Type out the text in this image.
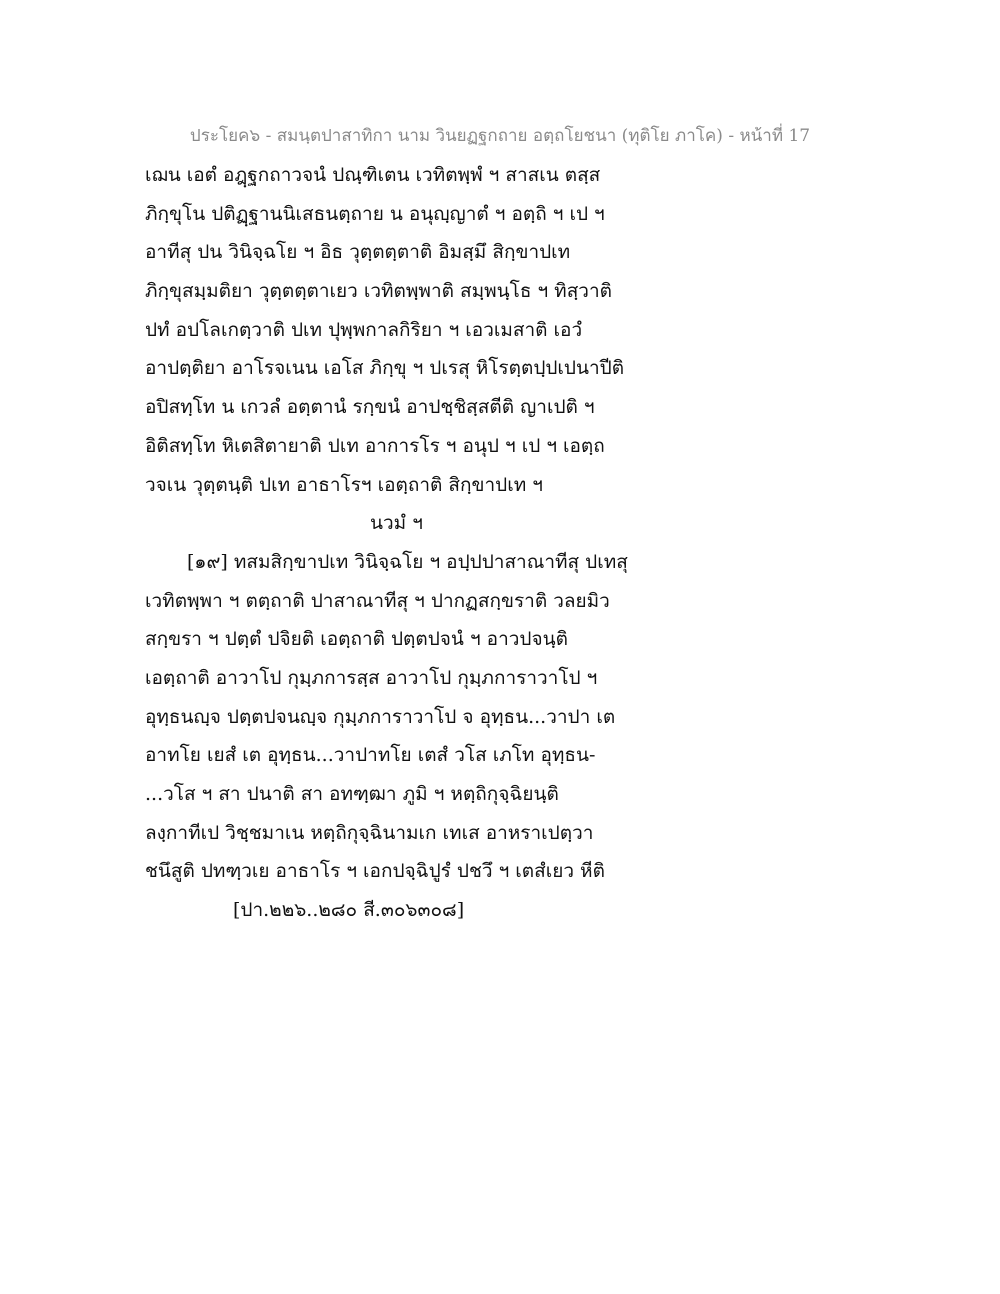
ประโยค๖ - สมนฺตปาสาทิกา นาม วินยฏฐกถาย อตฺถโยชนา (ทุติโย ภาโค) - หน้าที่ 17
เฌน เอตํ อฎฺฐกถาวจนํ ปณฺฑิเตน เวทิตพฺพํ ฯ สาสเน ตสฺส
ภิกฺขุโน ปติฏฺฐานนิเสธนตฺถาย น อนุญฺญาตํ ฯ อตฺถิ ฯ เป ฯ
อาทีสุ ปน วินิจฺฉโย ฯ อิธ วุตฺตตฺตาติ อิมสฺมึ สิกฺขาปเท
ภิกฺขุสมฺมติยา วุตฺตตฺตาเยว เวทิตพฺพาติ สมฺพนฺโธ ฯ ทิสฺวาติ
ปทํ อปโลเกตฺวาติ ปเท ปุพฺพกาลกิริยา ฯ เอวเมสาติ เอวํ
อาปตฺติยา อาโรจเนน เอโส ภิกฺขุ ฯ ปเรสุ หิโรตฺตปฺปเปนาปีติ
อปิสทฺโท น เกวลํ อตฺตานํ รกฺขนํ อาปชฺชิสฺสตีติ ญาเปติ ฯ
อิติสทฺโท หิเตสิตายาติ ปเท อาการโร ฯ อนุป ฯ เป ฯ เอตฺถ
วจเน วุตฺตนฺติ ปเท อาธาโรฯ เอตฺถาติ สิกฺขาปเท ฯ
นวมํ ฯ
[๑๙] ทสมสิกฺขาปเท วินิจฺฉโย ฯ อปฺปปาสาณาทีสุ ปเทสุ
เวทิตพฺพา ฯ ตตฺถาติ ปาสาณาทีสุ ฯ ปากฏสกฺขราติ วลยมิว
สกฺขรา ฯ ปตฺตํ ปจิยติ เอตฺถาติ ปตฺตปจนํ ฯ อาวปจนฺติ
เอตฺถาติ อาวาโป กุมฺภการสฺส อาวาโป กุมฺภการาวาโป ฯ
อุทฺธนญฺจ ปตฺตปจนญฺจ กุมฺภการาวาโป จ อุทฺธน...วาปา เต
อาทโย เยสํ เต อุทฺธน...วาปาทโย เตสํ วโส เภโท อุทฺธน-
...วโส ฯ สา ปนาติ สา อทฑฺฒา ภูมิ ฯ หตฺถิกุจฺฉิยนฺติ
ลงฺกาทีเป วิชฺชมาเน หตฺถิกุจฺฉินามเก เทเส อาหราเปตฺวา
ชนึสูติ ปทฑฺวเย อาธาโร ฯ เอกปจฺฉิปูรํ ปชวึ ฯ เตสํเยว หีติ
[ปา.๒๒๖..๒๘๐ สี.๓๐๖๓๐๘]
